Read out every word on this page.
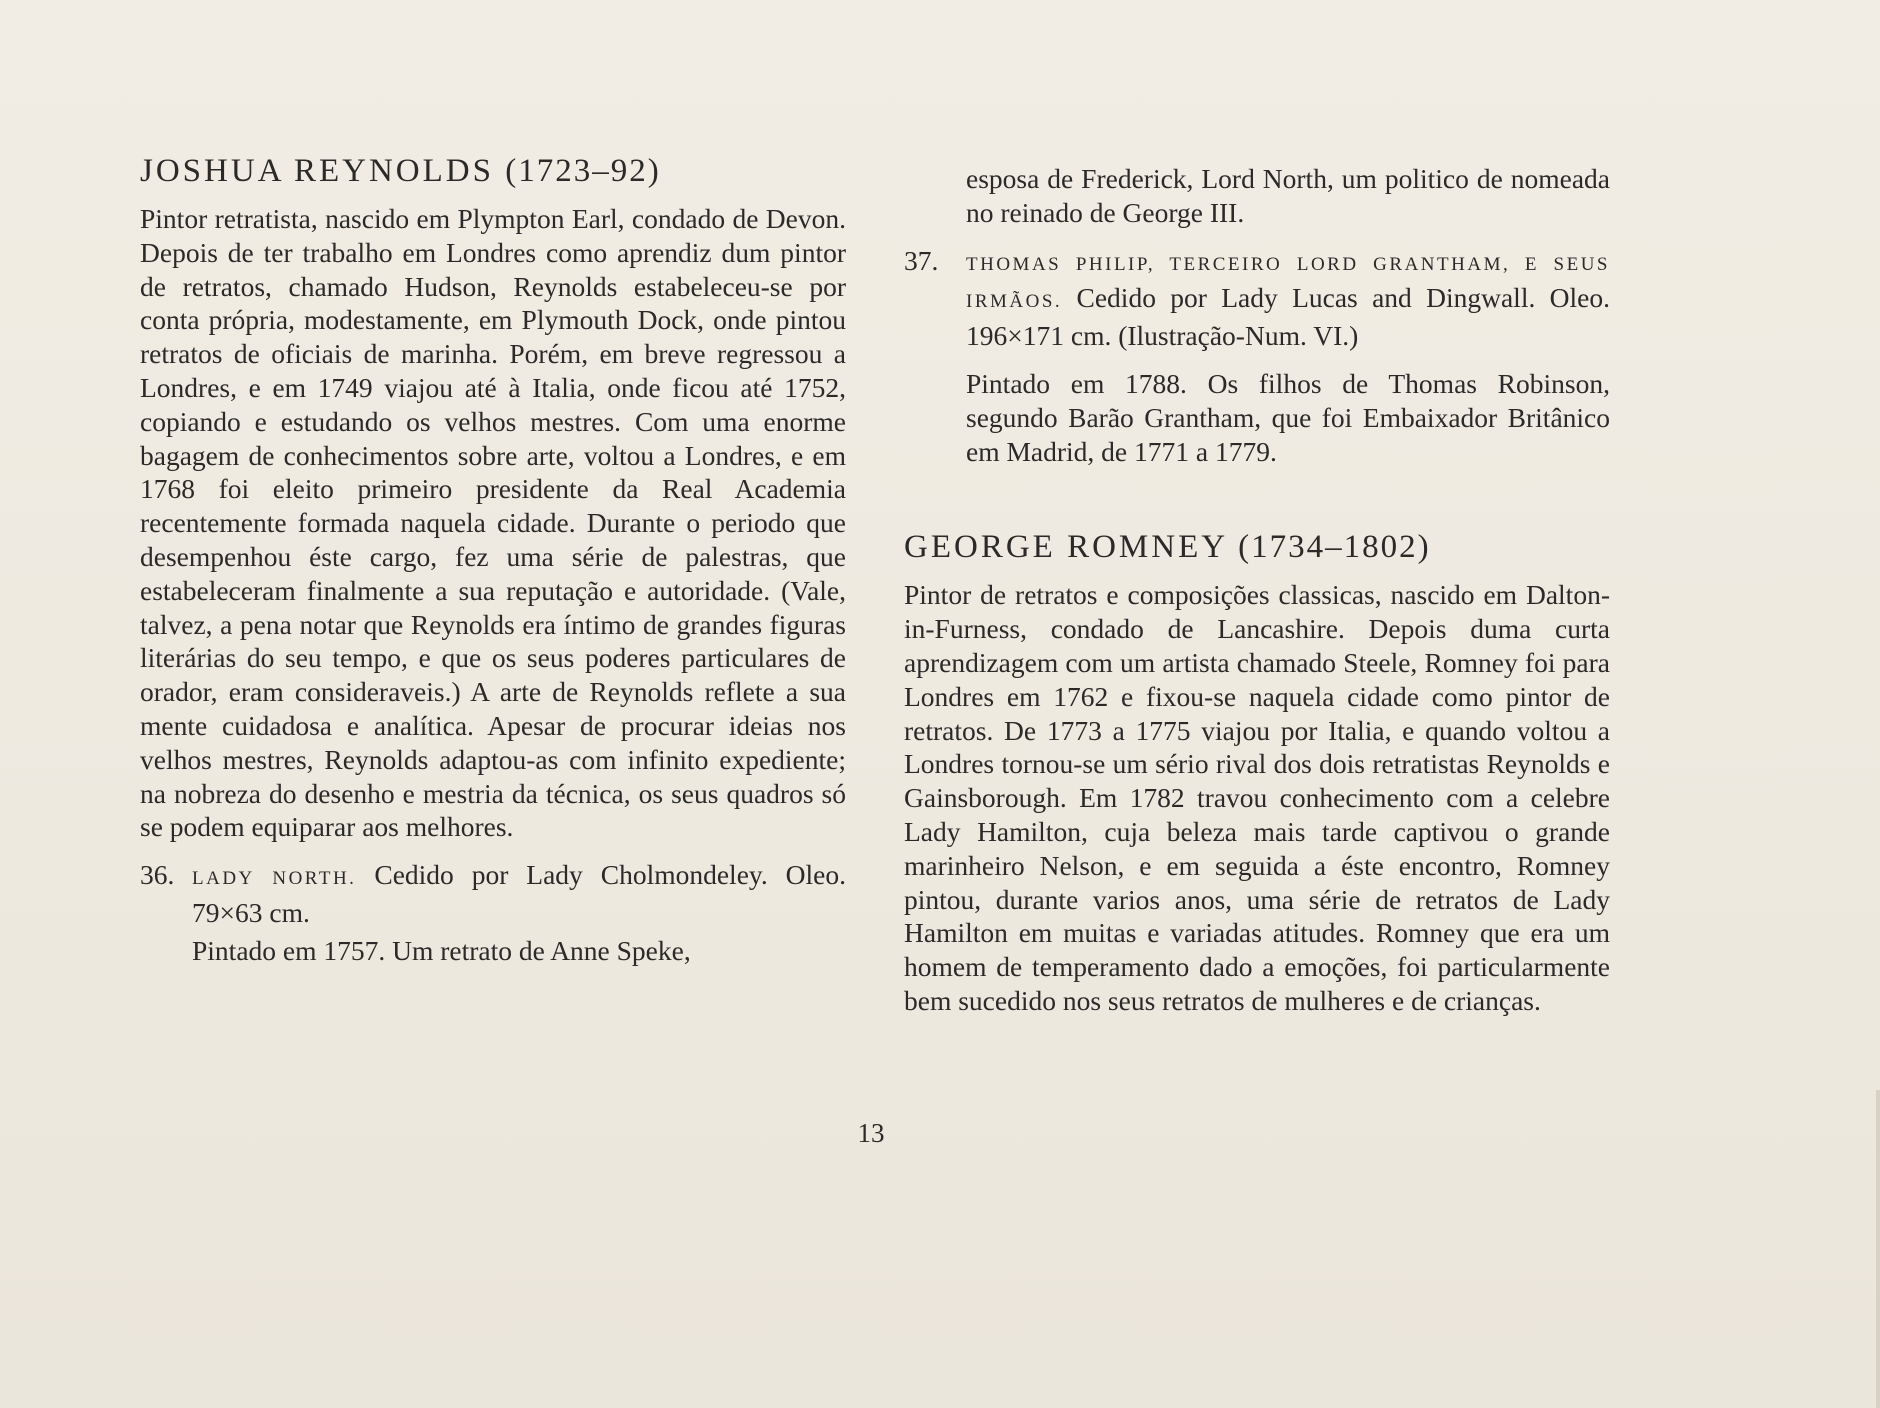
JOSHUA REYNOLDS (1723–92)

Pintor retratista, nascido em Plympton Earl, condado de Devon. Depois de ter trabalho em Londres como aprendiz dum pintor de retratos, chamado Hudson, Reynolds estabeleceu-se por conta própria, modestamente, em Plymouth Dock, onde pintou retratos de oficiais de marinha. Porém, em breve regressou a Londres, e em 1749 viajou até à Italia, onde ficou até 1752, copiando e estudando os velhos mestres. Com uma enorme bagagem de conhecimentos sobre arte, voltou a Londres, e em 1768 foi eleito primeiro presidente da Real Academia recentemente formada naquela cidade. Durante o periodo que desempenhou éste cargo, fez uma série de palestras, que estabeleceram finalmente a sua reputação e autoridade. (Vale, talvez, a pena notar que Reynolds era íntimo de grandes figuras literárias do seu tempo, e que os seus poderes particulares de orador, eram consideraveis.) A arte de Reynolds reflete a sua mente cuidadosa e analítica. Apesar de procurar ideias nos velhos mestres, Reynolds adaptou-as com infinito expediente; na nobreza do desenho e mestria da técnica, os seus quadros só se podem equiparar aos melhores.

36. LADY NORTH. Cedido por Lady Cholmondeley. Oleo. 79×63 cm.

Pintado em 1757. Um retrato de Anne Speke,

esposa de Frederick, Lord North, um politico de nomeada no reinado de George III.

37. THOMAS PHILIP, TERCEIRO LORD GRANTHAM, E SEUS IRMÃOS. Cedido por Lady Lucas and Dingwall. Oleo. 196×171 cm. (Ilustração-Num. VI.)

Pintado em 1788. Os filhos de Thomas Robinson, segundo Barão Grantham, que foi Embaixador Britânico em Madrid, de 1771 a 1779.

GEORGE ROMNEY (1734–1802)

Pintor de retratos e composições classicas, nascido em Dalton-in-Furness, condado de Lancashire. Depois duma curta aprendizagem com um artista chamado Steele, Romney foi para Londres em 1762 e fixou-se naquela cidade como pintor de retratos. De 1773 a 1775 viajou por Italia, e quando voltou a Londres tornou-se um sério rival dos dois retratistas Reynolds e Gainsborough. Em 1782 travou conhecimento com a celebre Lady Hamilton, cuja beleza mais tarde captivou o grande marinheiro Nelson, e em seguida a éste encontro, Romney pintou, durante varios anos, uma série de retratos de Lady Hamilton em muitas e variadas atitudes. Romney que era um homem de temperamento dado a emoções, foi particularmente bem sucedido nos seus retratos de mulheres e de crianças.

13
